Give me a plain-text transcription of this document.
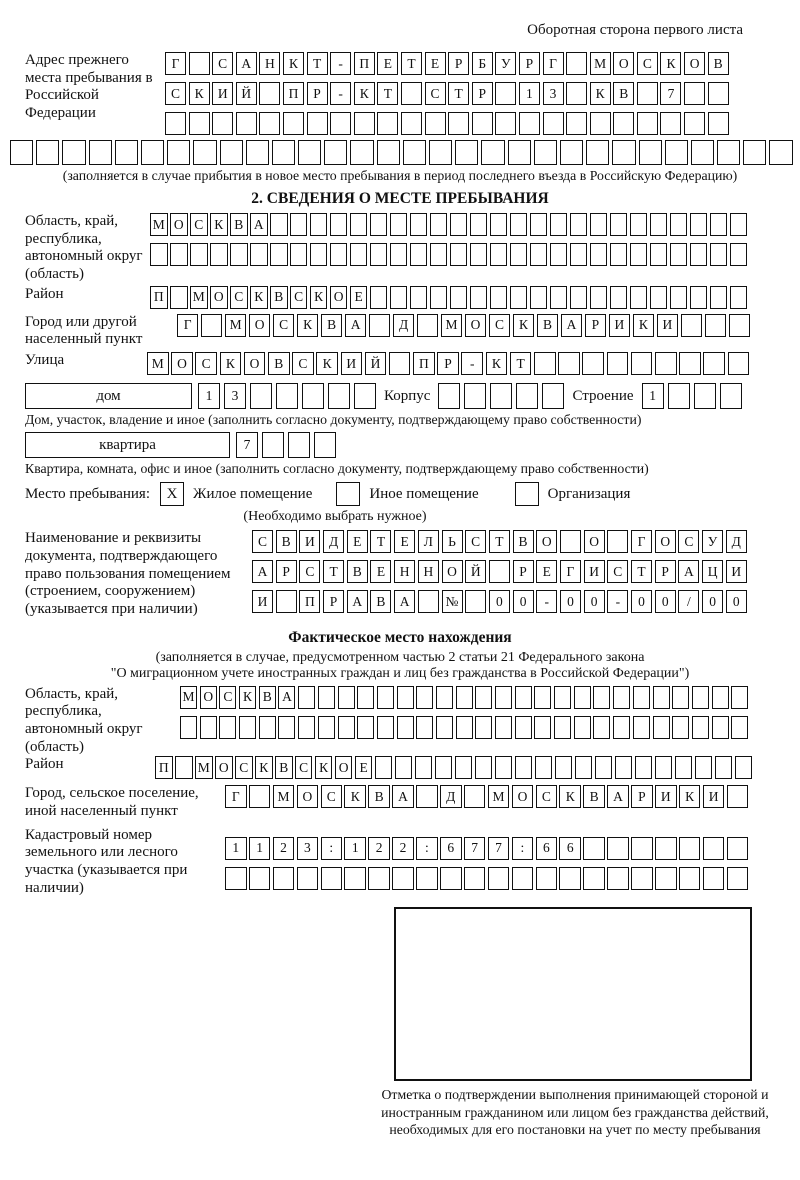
Оборотная сторона первого листа
Адрес прежнего места пребывания в Российской Федерации
Г	С	А	Н	К	Т	-	П	Е	Т	Е	Р	Б	У	Р	Г	М О	С	К	О	В
С	К	И	Й	П	Р	-	К	Т	С	Т	Р	1	3	К	В	7
(заполняется в случае прибытия в новое место пребывания в период последнего въезда в Российскую Федерацию)
2. СВЕДЕНИЯ О МЕСТЕ ПРЕБЫВАНИЯ
Область, край, республика, автономный округ (область)
М О С К В А
Район	П М О С К В С К О Е
Город или другой населенный пункт
Г	М О	С	К	В	А	Д	М О	С	К	В	А	Р	И	К	И
Улица	М О	С	К	О	В	С	К	И	Й	П	Р	-	К	Т
дом	1	3	Корпус	Строение	1
Дом, участок, владение и иное (заполнить согласно документу, подтверждающему право собственности)
квартира	7
Квартира, комната, офис и иное (заполнить согласно документу, подтверждающему право собственности)
Место пребывания:	X	Жилое помещение	Иное помещение	Организация
(Необходимо выбрать нужное)
Наименование и реквизиты документа, подтверждающего право пользования помещением (строением, сооружением) (указывается при наличии)
С	В	И	Д	Е	Т	Е	Л	Ь	С	Т	В	О	О	Г	О	С	У	Д
А	Р	С	Т	В	Е	Н	Н	О	Й	Р	Е	Г	И	С	Т	Р	А	Ц	И
И	П	Р	А	В	А	№	0	0	-	0	0	-	0	0	/	0	0
Фактическое место нахождения
(заполняется в случае, предусмотренном частью 2 статьи 21 Федерального закона
"О миграционном учете иностранных граждан и лиц без гражданства в Российской Федерации")
Область, край, республика, автономный округ (область)
М О С К В А
Район	П М О С К В С К О Е
Город, сельское поселение, иной населенный пункт
Г	М О	С	К	В	А	Д	М О	С	К	В	А	Р	И	К	И
Кадастровый номер земельного или лесного участка (указывается при наличии)
1	1	2	3	:	1	2	2	:	6	7	7	:	6	6
Отметка о подтверждении выполнения принимающей стороной и иностранным гражданином или лицом без гражданства действий, необходимых для его постановки на учет по месту пребывания
